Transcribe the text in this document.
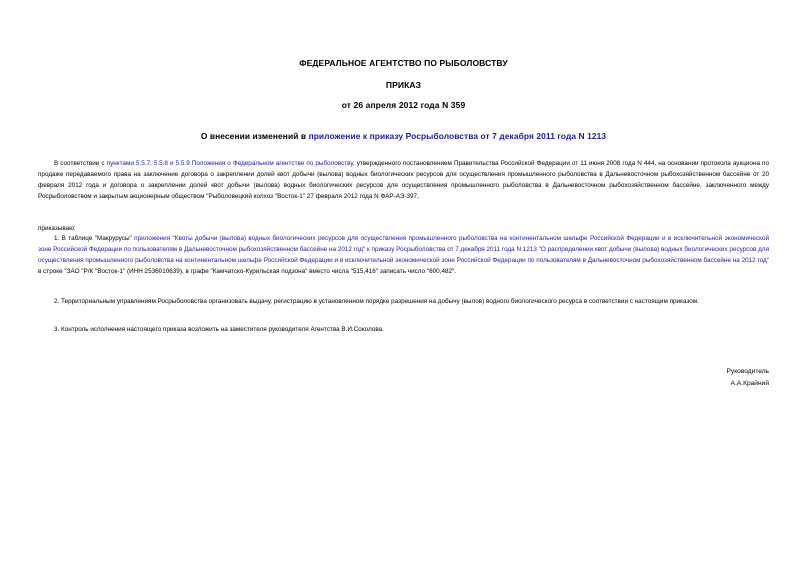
ФЕДЕРАЛЬНОЕ АГЕНТСТВО ПО РЫБОЛОВСТВУ
ПРИКАЗ
от 26 апреля 2012 года N 359
О внесении изменений в приложение к приказу Росрыболовства от 7 декабря 2011 года N 1213
В соответствии с пунктами 5.5.7, 5.5.8 и 5.5.9 Положения о Федеральном агентстве по рыболовству, утвержденного постановлением Правительства Российской Федерации от 11 июня 2008 года N 444, на основании протокола аукциона по продаже передаваемого права на заключение договора о закреплении долей квот добычи (вылова) водных биологических ресурсов для осуществления промышленного рыболовства в Дальневосточном рыбохозяйственном бассейне от 20 февраля 2012 года и договора о закреплении долей квот добычи (вылова) водных биологических ресурсов для осуществления промышленного рыболовства в Дальневосточном рыбохозяйственном бассейне, заключенного между Росрыболовством и закрытым акционерным обществом "Рыболовецкий колхоз "Восток-1" 27 февраля 2012 года N ФАР-АЭ-397,
приказываю:
1. В таблице "Макрурусы" приложения "Квоты добычи (вылова) водных биологических ресурсов для осуществления промышленного рыболовства на континентальном шельфе Российской Федерации и в исключительной экономической зоне Российской Федерации по пользователям в Дальневосточном рыбохозяйственном бассейне на 2012 год" к приказу Росрыболовства от 7 декабря 2011 года N 1213 "О распределении квот добычи (вылова) водных биологических ресурсов для осуществления промышленного рыболовства на континентальном шельфе Российской Федерации и в исключительной экономической зоне Российской Федерации по пользователям в Дальневосточном рыбохозяйственном бассейне на 2012 год" в строке "ЗАО "Р/К "Восток-1" (ИНН 2536010639), в графе "Камчатско-Курильская подзона" вместо числа "515,416" записать число "600,482".
2. Территориальным управлениям Росрыболовства организовать выдачу, регистрацию в установленном порядке разрешения на добычу (вылов) водного биологического ресурса в соответствии с настоящим приказом.
3. Контроль исполнения настоящего приказа возложить на заместителя руководителя Агентства В.И.Соколова.
Руководитель
А.А.Крайний
